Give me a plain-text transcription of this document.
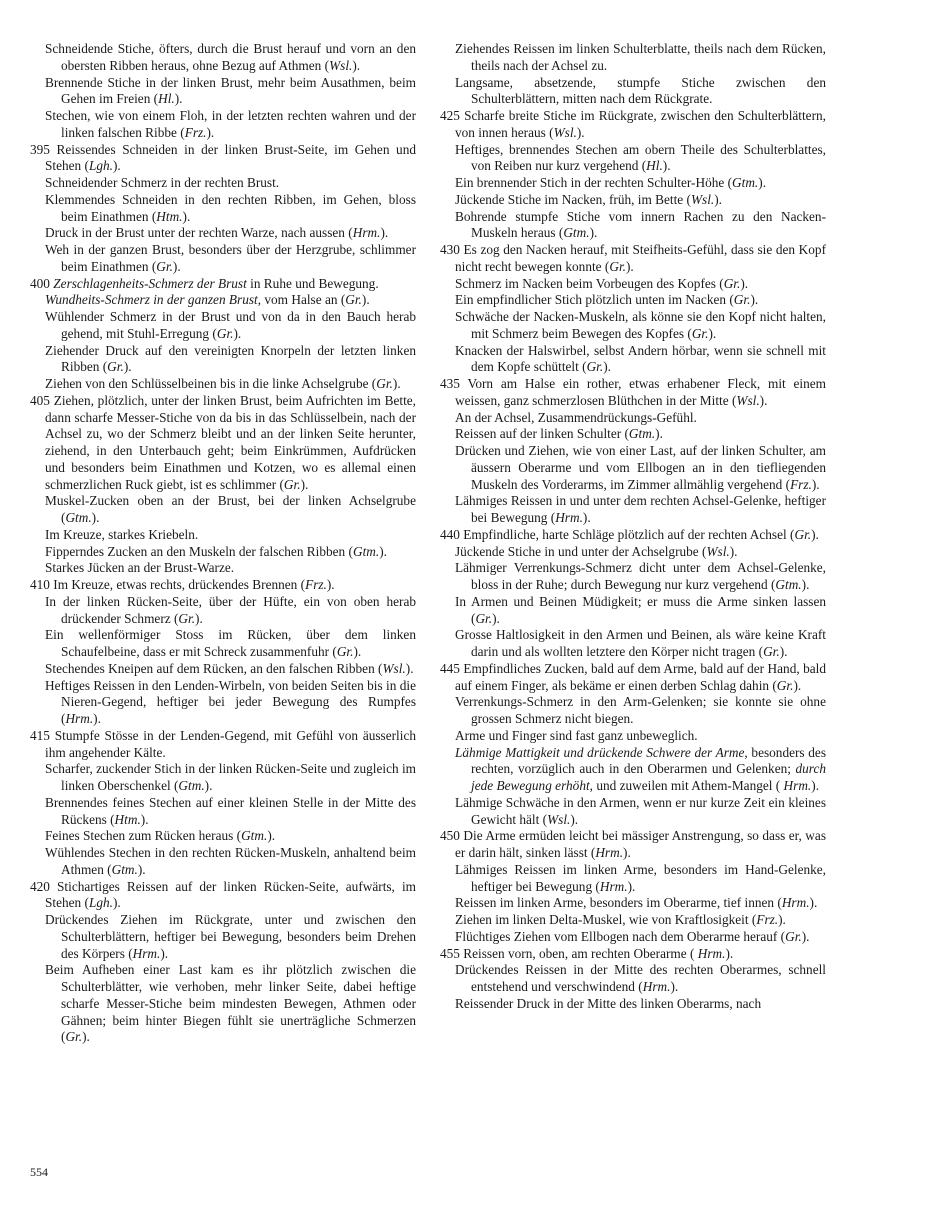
Schneidende Stiche, öfters, durch die Brust herauf und vorn an den obersten Ribben heraus, ohne Bezug auf Athmen (Wsl.).

Brennende Stiche in der linken Brust, mehr beim Ausathmen, beim Gehen im Freien (Hl.).

Stechen, wie von einem Floh, in der letzten rechten wahren und der linken falschen Ribbe (Frz.).

395 Reissendes Schneiden in der linken Brust-Seite, im Gehen und Stehen (Lgh.).

Schneidender Schmerz in der rechten Brust.

Klemmendes Schneiden in den rechten Ribben, im Gehen, bloss beim Einathmen (Htm.).

Druck in der Brust unter der rechten Warze, nach aussen (Hrm.).

Weh in der ganzen Brust, besonders über der Herzgrube, schlimmer beim Einathmen (Gr.).

400 Zerschlagenheits-Schmerz der Brust in Ruhe und Bewegung.

Wundheits-Schmerz in der ganzen Brust, vom Halse an (Gr.).

Wühlender Schmerz in der Brust und von da in den Bauch herab gehend, mit Stuhl-Erregung (Gr.).

Ziehender Druck auf den vereinigten Knorpeln der letzten linken Ribben (Gr.).

Ziehen von den Schlüsselbeinen bis in die linke Achselgrube (Gr.).

405 Ziehen, plötzlich, unter der linken Brust, beim Aufrichten im Bette, dann scharfe Messer-Stiche von da bis in das Schlüsselbein, nach der Achsel zu, wo der Schmerz bleibt und an der linken Seite herunter, ziehend, in den Unterbauch geht; beim Einkrümmen, Aufdrücken und besonders beim Einathmen und Kotzen, wo es allemal einen schmerzlichen Ruck giebt, ist es schlimmer (Gr.).

Muskel-Zucken oben an der Brust, bei der linken Achselgrube (Gtm.).

Im Kreuze, starkes Kriebeln.

Fipperndes Zucken an den Muskeln der falschen Ribben (Gtm.).

Starkes Jücken an der Brust-Warze.

410 Im Kreuze, etwas rechts, drückendes Brennen (Frz.).

In der linken Rücken-Seite, über der Hüfte, ein von oben herab drückender Schmerz (Gr.).

Ein wellenförmiger Stoss im Rücken, über dem linken Schaufelbeine, dass er mit Schreck zusammenfuhr (Gr.).

Stechendes Kneipen auf dem Rücken, an den falschen Ribben (Wsl.).

Heftiges Reissen in den Lenden-Wirbeln, von beiden Seiten bis in die Nieren-Gegend, heftiger bei jeder Bewegung des Rumpfes (Hrm.).

415 Stumpfe Stösse in der Lenden-Gegend, mit Gefühl von äusserlich ihm angehender Kälte.

Scharfer, zuckender Stich in der linken Rücken-Seite und zugleich im linken Oberschenkel (Gtm.).

Brennendes feines Stechen auf einer kleinen Stelle in der Mitte des Rückens (Htm.).

Feines Stechen zum Rücken heraus (Gtm.).

Wühlendes Stechen in den rechten Rücken-Muskeln, anhaltend beim Athmen (Gtm.).

420 Stichartiges Reissen auf der linken Rücken-Seite, aufwärts, im Stehen (Lgh.).

Drückendes Ziehen im Rückgrate, unter und zwischen den Schulterblättern, heftiger bei Bewegung, besonders beim Drehen des Körpers (Hrm.).

Beim Aufheben einer Last kam es ihr plötzlich zwischen die Schulterblätter, wie verhoben, mehr linker Seite, dabei heftige scharfe Messer-Stiche beim mindesten Bewegen, Athmen oder Gähnen; beim hinter Biegen fühlt sie unerträgliche Schmerzen (Gr.).

Ziehendes Reissen im linken Schulterblatte, theils nach dem Rücken, theils nach der Achsel zu.

Langsame, absetzende, stumpfe Stiche zwischen den Schulterblättern, mitten nach dem Rückgrate.

425 Scharfe breite Stiche im Rückgrate, zwischen den Schulterblättern, von innen heraus (Wsl.).

Heftiges, brennendes Stechen am obern Theile des Schulterblattes, von Reiben nur kurz vergehend (Hl.).

Ein brennender Stich in der rechten Schulter-Höhe (Gtm.).

Jückende Stiche im Nacken, früh, im Bette (Wsl.).

Bohrende stumpfe Stiche vom innern Rachen zu den Nacken-Muskeln heraus (Gtm.).

430 Es zog den Nacken herauf, mit Steifheits-Gefühl, dass sie den Kopf nicht recht bewegen konnte (Gr.).

Schmerz im Nacken beim Vorbeugen des Kopfes (Gr.).

Ein empfindlicher Stich plötzlich unten im Nacken (Gr.).

Schwäche der Nacken-Muskeln, als könne sie den Kopf nicht halten, mit Schmerz beim Bewegen des Kopfes (Gr.).

Knacken der Halswirbel, selbst Andern hörbar, wenn sie schnell mit dem Kopfe schüttelt (Gr.).

435 Vorn am Halse ein rother, etwas erhabener Fleck, mit einem weissen, ganz schmerzlosen Blüthchen in der Mitte (Wsl.).

An der Achsel, Zusammendrückungs-Gefühl.

Reissen auf der linken Schulter (Gtm.).

Drücken und Ziehen, wie von einer Last, auf der linken Schulter, am äussern Oberarme und vom Ellbogen an in den tiefliegenden Muskeln des Vorderarms, im Zimmer allmählig vergehend (Frz.).

Lähmiges Reissen in und unter dem rechten Achsel-Gelenke, heftiger bei Bewegung (Hrm.).

440 Empfindliche, harte Schläge plötzlich auf der rechten Achsel (Gr.).

Jückende Stiche in und unter der Achselgrube (Wsl.).

Lähmiger Verrenkungs-Schmerz dicht unter dem Achsel-Gelenke, bloss in der Ruhe; durch Bewegung nur kurz vergehend (Gtm.).

In Armen und Beinen Müdigkeit; er muss die Arme sinken lassen (Gr.).

Grosse Haltlosigkeit in den Armen und Beinen, als wäre keine Kraft darin und als wollten letztere den Körper nicht tragen (Gr.).

445 Empfindliches Zucken, bald auf dem Arme, bald auf der Hand, bald auf einem Finger, als bekäme er einen derben Schlag dahin (Gr.).

Verrenkungs-Schmerz in den Arm-Gelenken; sie konnte sie ohne grossen Schmerz nicht biegen.

Arme und Finger sind fast ganz unbeweglich.

Lähmige Mattigkeit und drückende Schwere der Arme, besonders des rechten, vorzüglich auch in den Oberarmen und Gelenken; durch jede Bewegung erhöht, und zuweilen mit Athem-Mangel ( Hrm.).

Lähmige Schwäche in den Armen, wenn er nur kurze Zeit ein kleines Gewicht hält (Wsl.).

450 Die Arme ermüden leicht bei mässiger Anstrengung, so dass er, was er darin hält, sinken lässt (Hrm.).

Lähmiges Reissen im linken Arme, besonders im Hand-Gelenke, heftiger bei Bewegung (Hrm.).

Reissen im linken Arme, besonders im Oberarme, tief innen (Hrm.).

Ziehen im linken Delta-Muskel, wie von Kraftlosigkeit (Frz.).

Flüchtiges Ziehen vom Ellbogen nach dem Oberarme herauf (Gr.).

455 Reissen vorn, oben, am rechten Oberarme ( Hrm.).

Drückendes Reissen in der Mitte des rechten Oberarmes, schnell entstehend und verschwindend (Hrm.).

Reissender Druck in der Mitte des linken Oberarms, nach

554
